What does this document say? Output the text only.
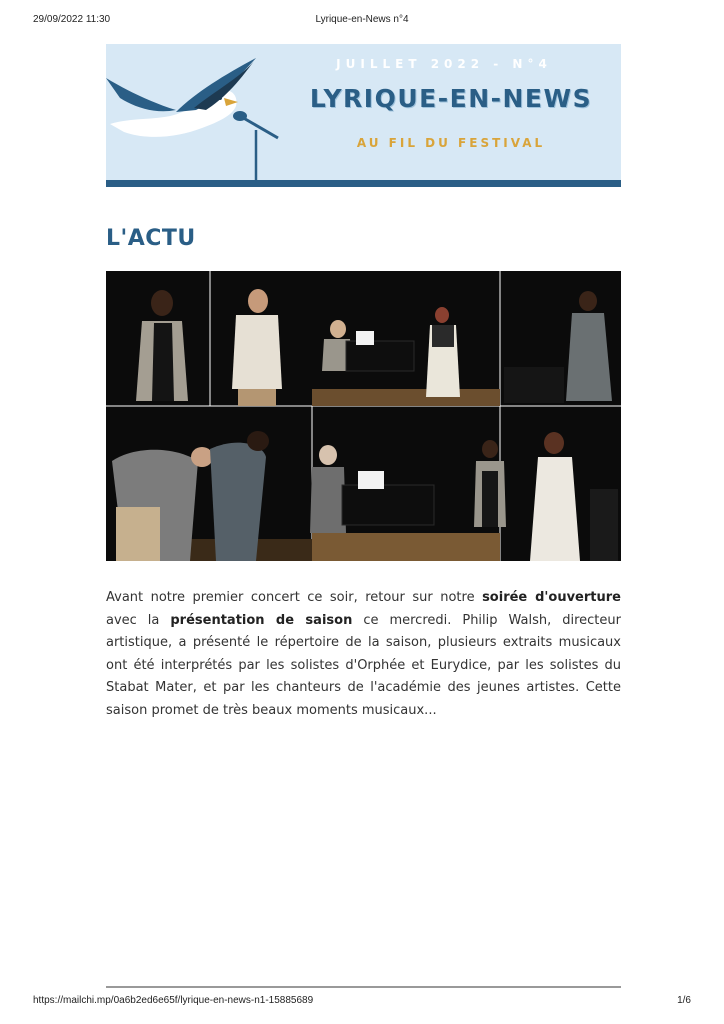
29/09/2022 11:30	Lyrique-en-News n°4
JUILLET 2022 - N°4
LYRIQUE-EN-NEWS
AU FIL DU FESTIVAL
L'ACTU

Avant notre premier concert ce soir, retour sur notre soirée d'ouverture avec la présentation de saison ce mercredi. Philip Walsh, directeur artistique, a présenté le répertoire de la saison, plusieurs extraits musicaux ont été interprétés par les solistes d'Orphée et Eurydice, par les solistes du Stabat Mater, et par les chanteurs de l'académie des jeunes artistes. Cette saison promet de très beaux moments musicaux...

https://mailchi.mp/0a6b2ed6e65f/lyrique-en-news-n1-15885689	1/6
